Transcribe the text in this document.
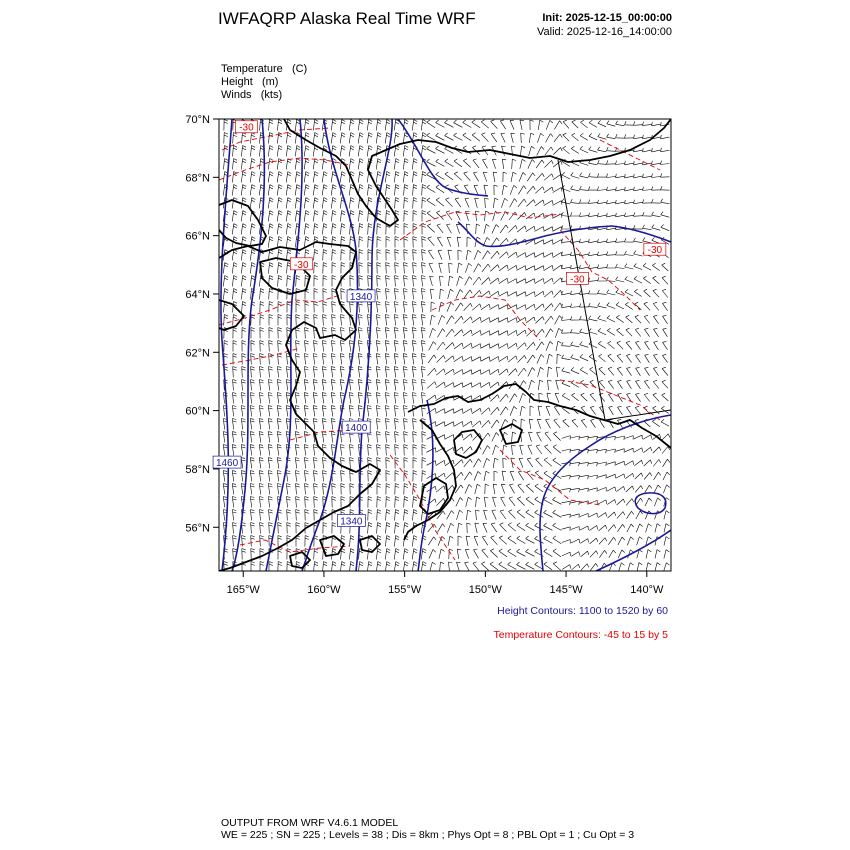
IWFAQRP Alaska Real Time WRF	Init: 2025-12-15_00:00:00
Valid: 2025-12-16_14:00:00
Temperature (C)
Height (m)
Winds (kts)
70°N
68°N
66°N
64°N
62°N
60°N
58°N
56°N
165°W	160°W	155°W	150°W	145°W	140°W
1340
1400
1460
1340
-30
-30
-30
-30
Height Contours: 1100 to 1520 by 60
Temperature Contours: -45 to 15 by 5
OUTPUT FROM WRF V4.6.1 MODEL
WE = 225 ; SN = 225 ; Levels = 38 ; Dis = 8km ; Phys Opt = 8 ; PBL Opt = 1 ; Cu Opt = 3
